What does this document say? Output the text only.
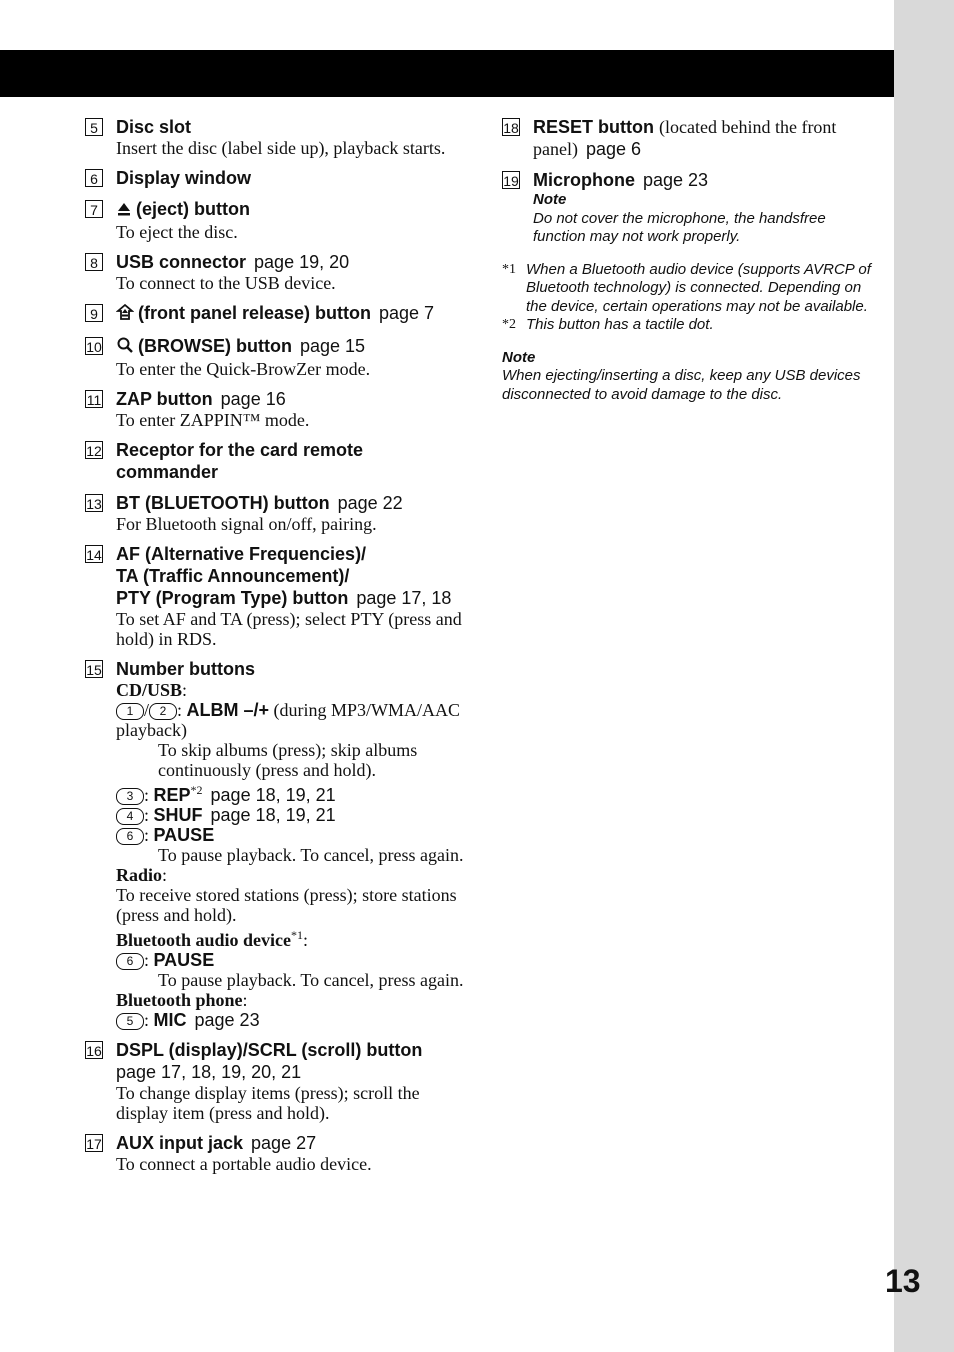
13
5 Disc slot
Insert the disc (label side up), playback starts.
6 Display window
7	(eject) button
To eject the disc.
8 USB connector page 19, 20
To connect to the USB device.
9	(front panel release) button page 7
10	(BROWSE) button page 15
To enter the Quick-BrowZer mode.
11 ZAP button page 16
To enter ZAPPIN™ mode.
12 Receptor for the card remote commander
13 BT (BLUETOOTH) button page 22
For Bluetooth signal on/off, pairing.
14 AF (Alternative Frequencies)/
TA (Traffic Announcement)/
PTY (Program Type) button page 17, 18
To set AF and TA (press); select PTY (press and hold) in RDS.
15 Number buttons
CD/USB:
1 / 2 : ALBM –/+ (during MP3/WMA/AAC playback)
To skip albums (press); skip albums continuously (press and hold).
3 : REP$^{*2}$ page 18, 19, 21
4 : SHUF page 18, 19, 21
6 : PAUSE
To pause playback. To cancel, press again.
Radio:
To receive stored stations (press); store stations (press and hold).
Bluetooth audio device$^{*1}$:
6 : PAUSE
To pause playback. To cancel, press again.
Bluetooth phone:
5 : MIC page 23
16 DSPL (display)/SCRL (scroll) button
page 17, 18, 19, 20, 21
To change display items (press); scroll the display item (press and hold).
17 AUX input jack page 27
To connect a portable audio device.
18 RESET button (located behind the front panel) page 6
19 Microphone page 23
Note
Do not cover the microphone, the handsfree function may not work properly.
*1 When a Bluetooth audio device (supports AVRCP of Bluetooth technology) is connected. Depending on the device, certain operations may not be available.
*2 This button has a tactile dot.
Note
When ejecting/inserting a disc, keep any USB devices disconnected to avoid damage to the disc.
